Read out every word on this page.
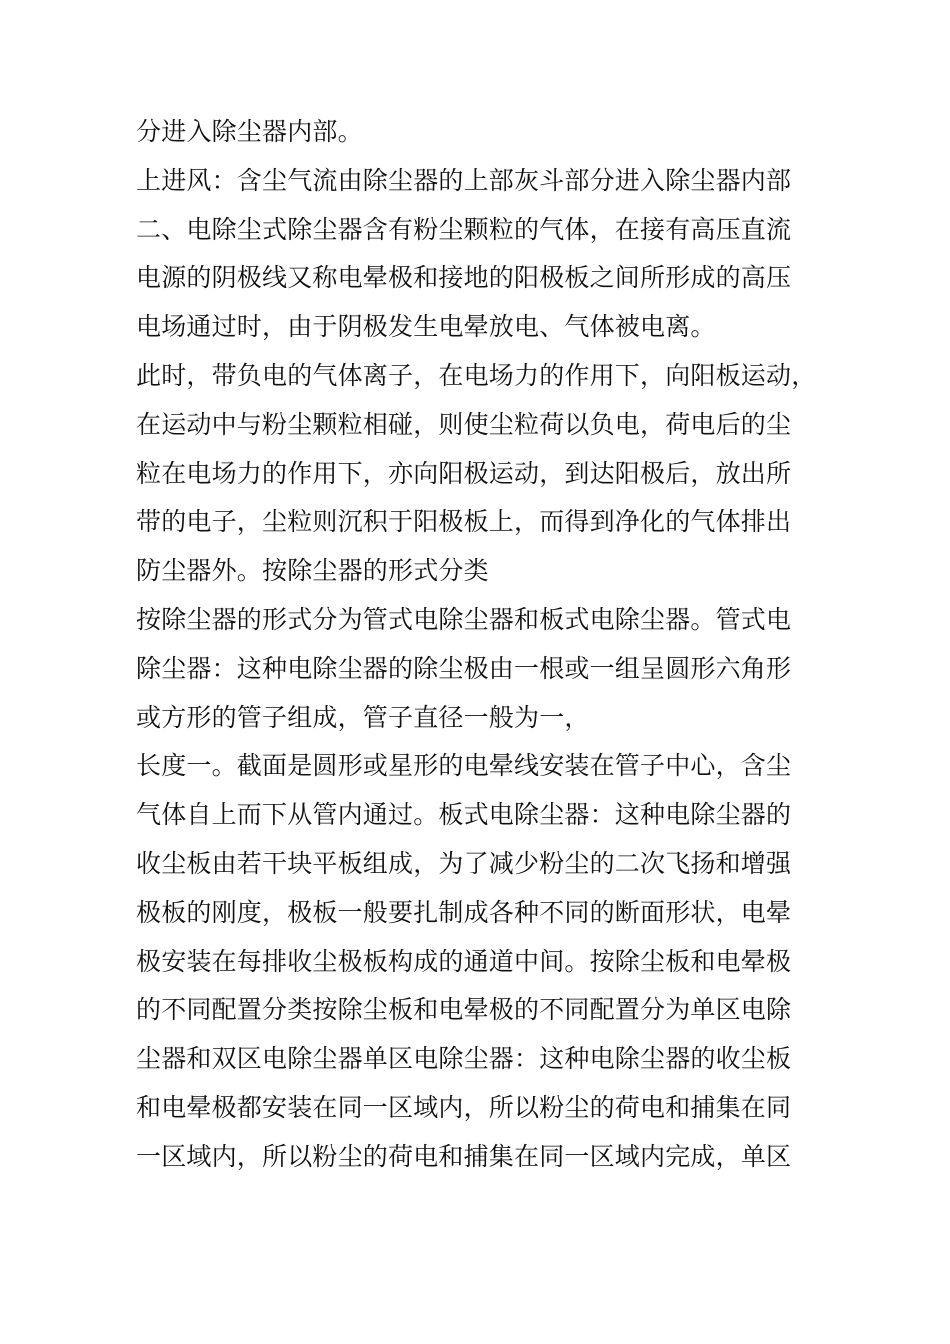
分进入除尘器内部。
上进风：含尘气流由除尘器的上部灰斗部分进入除尘器内部
二、电除尘式除尘器含有粉尘颗粒的气体，在接有高压直流
电源的阴极线又称电晕极和接地的阳极板之间所形成的高压
电场通过时，由于阴极发生电晕放电、气体被电离。
此时，带负电的气体离子，在电场力的作用下，向阳板运动，
在运动中与粉尘颗粒相碰，则使尘粒荷以负电，荷电后的尘
粒在电场力的作用下，亦向阳极运动，到达阳极后，放出所
带的电子，尘粒则沉积于阳极板上，而得到净化的气体排出
防尘器外。按除尘器的形式分类
按除尘器的形式分为管式电除尘器和板式电除尘器。管式电
除尘器：这种电除尘器的除尘极由一根或一组呈圆形六角形
或方形的管子组成，管子直径一般为一，
长度一。截面是圆形或星形的电晕线安装在管子中心，含尘
气体自上而下从管内通过。板式电除尘器：这种电除尘器的
收尘板由若干块平板组成，为了减少粉尘的二次飞扬和增强
极板的刚度，极板一般要扎制成各种不同的断面形状，电晕
极安装在每排收尘极板构成的通道中间。按除尘板和电晕极
的不同配置分类按除尘板和电晕极的不同配置分为单区电除
尘器和双区电除尘器单区电除尘器：这种电除尘器的收尘板
和电晕极都安装在同一区域内，所以粉尘的荷电和捕集在同
一区域内，所以粉尘的荷电和捕集在同一区域内完成，单区
